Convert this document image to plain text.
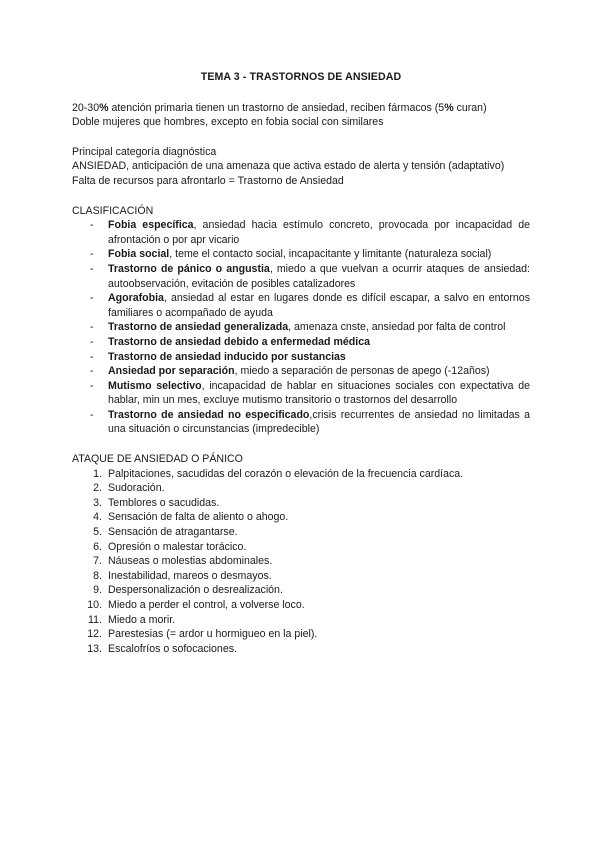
TEMA 3 - TRASTORNOS DE ANSIEDAD

20-30% atención primaria tienen un trastorno de ansiedad, reciben fármacos (5% curan)

Doble mujeres que hombres, excepto en fobia social con similares

Principal categoría diagnóstica

ANSIEDAD, anticipación de una amenaza que activa estado de alerta y tensión (adaptativo)

Falta de recursos para afrontarlo = Trastorno de Ansiedad

CLASIFICACIÓN

- Fobia específica, ansiedad hacia estímulo concreto, provocada por incapacidad de afrontación o por apr vicario
- Fobia social, teme el contacto social, incapacitante y limitante (naturaleza social)
- Trastorno de pánico o angustia, miedo a que vuelvan a ocurrir ataques de ansiedad: autoobservación, evitación de posibles catalizadores
- Agorafobia, ansiedad al estar en lugares donde es difícil escapar, a salvo en entornos familiares o acompañado de ayuda
- Trastorno de ansiedad generalizada, amenaza cnste, ansiedad por falta de control
- Trastorno de ansiedad debido a enfermedad médica
- Trastorno de ansiedad inducido por sustancias
- Ansiedad por separación, miedo a separación de personas de apego (-12años)
- Mutismo selectivo, incapacidad de hablar en situaciones sociales con expectativa de hablar, min un mes, excluye mutismo transitorio o trastornos del desarrollo
- Trastorno de ansiedad no especificado,crisis recurrentes de ansiedad no limitadas a una situación o circunstancias (impredecible)

ATAQUE DE ANSIEDAD O PÁNICO

1. Palpitaciones, sacudidas del corazón o elevación de la frecuencia cardíaca.
2. Sudoración.
3. Temblores o sacudidas.
4. Sensación de falta de aliento o ahogo.
5. Sensación de atragantarse.
6. Opresión o malestar torácico.
7. Náuseas o molestias abdominales.
8. Inestabilidad, mareos o desmayos.
9. Despersonalización o desrealización.
10. Miedo a perder el control, a volverse loco.
11. Miedo a morir.
12. Parestesias (= ardor u hormigueo en la piel).
13. Escalofríos o sofocaciones.
